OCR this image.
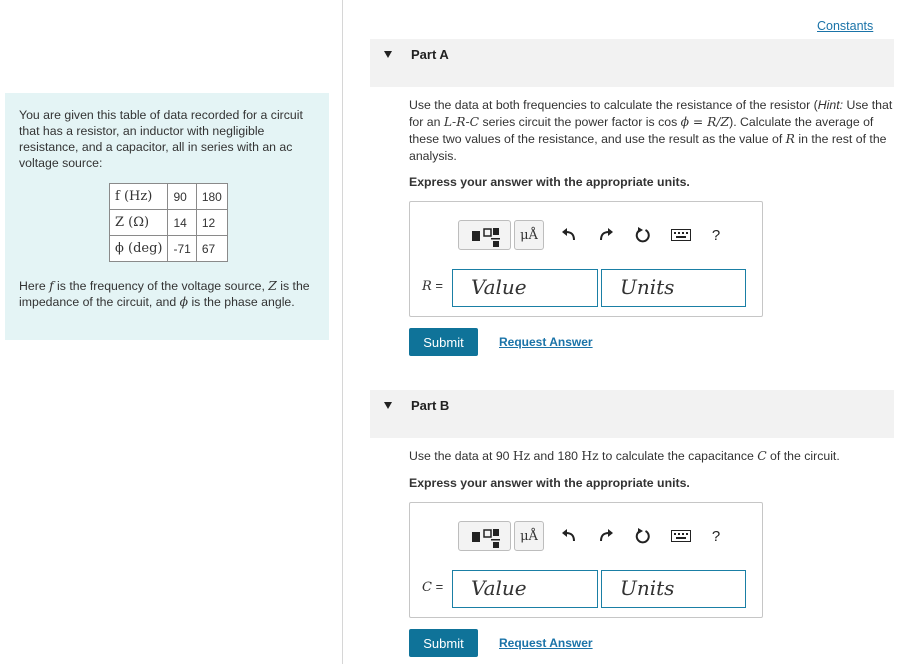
You are given this table of data recorded for a circuit that has a resistor, an inductor with negligible resistance, and a capacitor, all in series with an ac voltage source:
f (Hz)	90	180
Z (Ω)	14	12
ϕ (deg)	-71	67
Here f is the frequency of the voltage source, Z is the impedance of the circuit, and ϕ is the phase angle.
Constants
Part A
Use the data at both frequencies to calculate the resistance of the resistor (Hint: Use that for an L-R-C series circuit the power factor is cos ϕ = R/Z). Calculate the average of these two values of the resistance, and use the result as the value of R in the rest of the analysis.
Express your answer with the appropriate units.
μÅ	?
R =	Value	Units
Submit	Request Answer
Part B
Use the data at 90 Hz and 180 Hz to calculate the capacitance C of the circuit.
Express your answer with the appropriate units.
μÅ	?
C =	Value	Units
Submit	Request Answer
